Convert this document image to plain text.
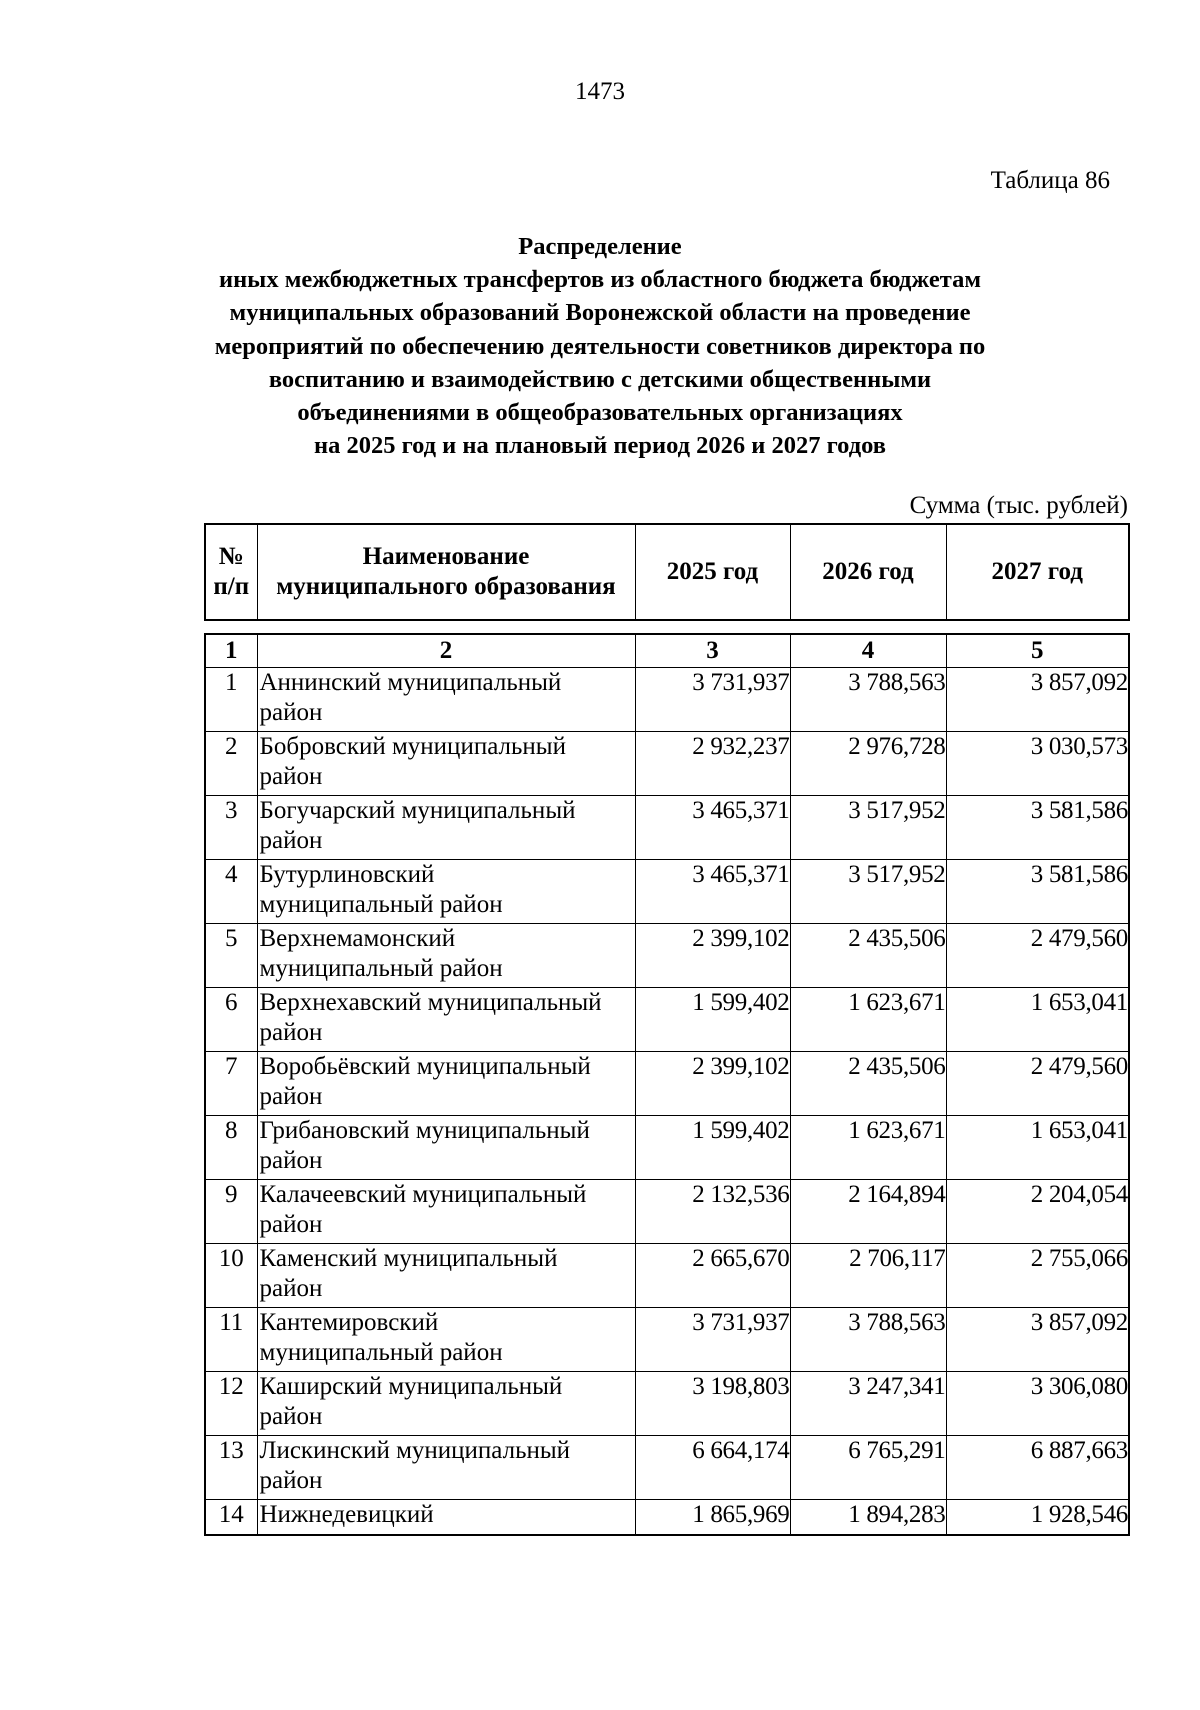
1473
Таблица 86
Распределение
иных межбюджетных трансфертов из областного бюджета бюджетам
муниципальных образований Воронежской области на проведение
мероприятий по обеспечению деятельности советников директора по
воспитанию и взаимодействию с детскими общественными
объединениями в общеобразовательных организациях
на 2025 год и на плановый период 2026 и 2027 годов
Сумма (тыс. рублей)
№
п/п

Наименование
муниципального образования
	2025 год	2026 год	2027 год
1	2	3	4	5

1	Аннинский муниципальный
район	3 731,937	3 788,563	3 857,092

2	Бобровский муниципальный
район	2 932,237	2 976,728	3 030,573

3	Богучарский муниципальный
район	3 465,371	3 517,952	3 581,586

4	Бутурлиновский
муниципальный район	3 465,371	3 517,952	3 581,586

5	Верхнемамонский
муниципальный район	2 399,102	2 435,506	2 479,560

6	Верхнехавский муниципальный
район	1 599,402	1 623,671	1 653,041

7	Воробьёвский муниципальный
район	2 399,102	2 435,506	2 479,560

8	Грибановский муниципальный
район	1 599,402	1 623,671	1 653,041

9	Калачеевский муниципальный
район	2 132,536	2 164,894	2 204,054

10	Каменский муниципальный
район	2 665,670	2 706,117	2 755,066

11	Кантемировский
муниципальный район	3 731,937	3 788,563	3 857,092

12	Каширский муниципальный
район	3 198,803	3 247,341	3 306,080

13	Лискинский муниципальный
район	6 664,174	6 765,291	6 887,663

14	Нижнедевицкий	1 865,969	1 894,283	1 928,546
